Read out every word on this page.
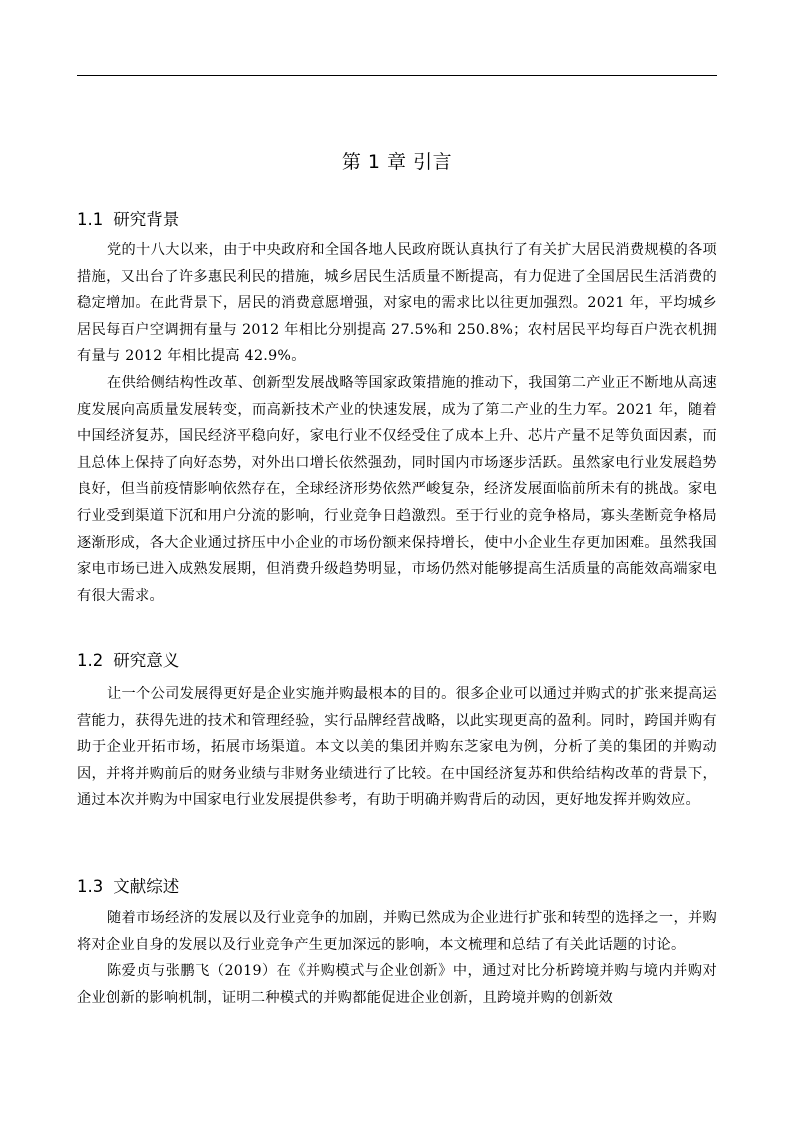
第 1 章 引言
1.1 研究背景

党的十八大以来，由于中央政府和全国各地人民政府既认真执行了有关扩大居民消费规模的各项措施，又出台了许多惠民利民的措施，城乡居民生活质量不断提高，有力促进了全国居民生活消费的稳定增加。在此背景下，居民的消费意愿增强，对家电的需求比以往更加强烈。2021 年，平均城乡居民每百户空调拥有量与 2012 年相比分别提高 27.5%和 250.8%；农村居民平均每百户洗衣机拥有量与 2012 年相比提高 42.9%。

在供给侧结构性改革、创新型发展战略等国家政策措施的推动下，我国第二产业正不断地从高速度发展向高质量发展转变，而高新技术产业的快速发展，成为了第二产业的生力军。2021 年，随着中国经济复苏，国民经济平稳向好，家电行业不仅经受住了成本上升、芯片产量不足等负面因素，而且总体上保持了向好态势，对外出口增长依然强劲，同时国内市场逐步活跃。虽然家电行业发展趋势良好，但当前疫情影响依然存在，全球经济形势依然严峻复杂，经济发展面临前所未有的挑战。家电行业受到渠道下沉和用户分流的影响，行业竞争日趋激烈。至于行业的竞争格局，寡头垄断竞争格局逐渐形成，各大企业通过挤压中小企业的市场份额来保持增长，使中小企业生存更加困难。虽然我国家电市场已进入成熟发展期，但消费升级趋势明显，市场仍然对能够提高生活质量的高能效高端家电有很大需求。

1.2 研究意义

让一个公司发展得更好是企业实施并购最根本的目的。很多企业可以通过并购式的扩张来提高运营能力，获得先进的技术和管理经验，实行品牌经营战略，以此实现更高的盈利。同时，跨国并购有助于企业开拓市场，拓展市场渠道。本文以美的集团并购东芝家电为例，分析了美的集团的并购动因，并将并购前后的财务业绩与非财务业绩进行了比较。在中国经济复苏和供给结构改革的背景下，通过本次并购为中国家电行业发展提供参考，有助于明确并购背后的动因，更好地发挥并购效应。

1.3 文献综述

随着市场经济的发展以及行业竞争的加剧，并购已然成为企业进行扩张和转型的选择之一，并购将对企业自身的发展以及行业竞争产生更加深远的影响，本文梳理和总结了有关此话题的讨论。

陈爱贞与张鹏飞（2019）在《并购模式与企业创新》中，通过对比分析跨境并购与境内并购对企业创新的影响机制，证明二种模式的并购都能促进企业创新，且跨境并购的创新效
